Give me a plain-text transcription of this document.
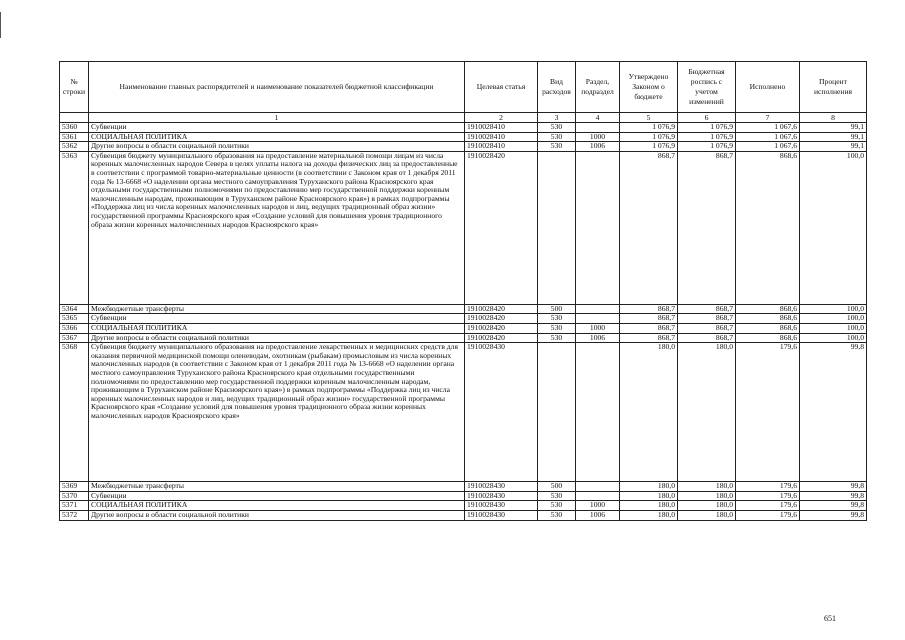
№ строки	Наименование главных распорядителей и наименование показателей бюджетной классификации	Целевая статья	Вид расходов	Раздел, подраздел	Утверждено Законом о бюджете	Бюджетная роспись с учетом изменений	Исполнено	Процент исполнения
	1	2	3	4	5	6	7	8
5360	Субвенции	1910028410	530		1 076,9	1 076,9	1 067,6	99,1
5361	СОЦИАЛЬНАЯ ПОЛИТИКА	1910028410	530	1000	1 076,9	1 076,9	1 067,6	99,1
5362	Другие вопросы в области социальной политики	1910028410	530	1006	1 076,9	1 076,9	1 067,6	99,1
5363	Субвенция бюджету муниципального образования на предоставление материальной помощи лицам из числа коренных малочисленных народов Севера в целях уплаты налога на доходы физических лиц за предоставленные в соответствии с программой товарно-материальные ценности (в соответствии с Законом края от 1 декабря 2011 года № 13-6668 «О наделении органа местного самоуправления Туруханского района Красноярского края отдельными государственными полномочиями по предоставлению мер государственной поддержки коренным малочисленным народам, проживающим в Туруханском районе Красноярского края») в рамках подпрограммы «Поддержка лиц из числа коренных малочисленных народов и лиц, ведущих традиционный образ жизни» государственной программы Красноярского края «Создание условий для повышения уровня традиционного образа жизни коренных малочисленных народов Красноярского края»	1910028420			868,7	868,7	868,6	100,0
5364	Межбюджетные трансферты	1910028420	500		868,7	868,7	868,6	100,0
5365	Субвенции	1910028420	530		868,7	868,7	868,6	100,0
5366	СОЦИАЛЬНАЯ ПОЛИТИКА	1910028420	530	1000	868,7	868,7	868,6	100,0
5367	Другие вопросы в области социальной политики	1910028420	530	1006	868,7	868,7	868,6	100,0
5368	Субвенция бюджету муниципального образования на предоставление лекарственных и медицинских средств для оказания первичной медицинской помощи оленеводам, охотникам (рыбакам) промысловым из числа коренных малочисленных народов (в соответствии с Законом края от 1 декабря 2011 года № 13-6668 «О наделении органа местного самоуправления Туруханского района Красноярского края отдельными государственными полномочиями по предоставлению мер государственной поддержки коренным малочисленным народам, проживающим в Туруханском районе Красноярского края») в рамках подпрограммы «Поддержка лиц из числа коренных малочисленных народов и лиц, ведущих традиционный образ жизни» государственной программы Красноярского края «Создание условий для повышения уровня традиционного образа жизни коренных малочисленных народов Красноярского края»	1910028430			180,0	180,0	179,6	99,8
5369	Межбюджетные трансферты	1910028430	500		180,0	180,0	179,6	99,8
5370	Субвенции	1910028430	530		180,0	180,0	179,6	99,8
5371	СОЦИАЛЬНАЯ ПОЛИТИКА	1910028430	530	1000	180,0	180,0	179,6	99,8
5372	Другие вопросы в области социальной политики	1910028430	530	1006	180,0	180,0	179,6	99,8
651
